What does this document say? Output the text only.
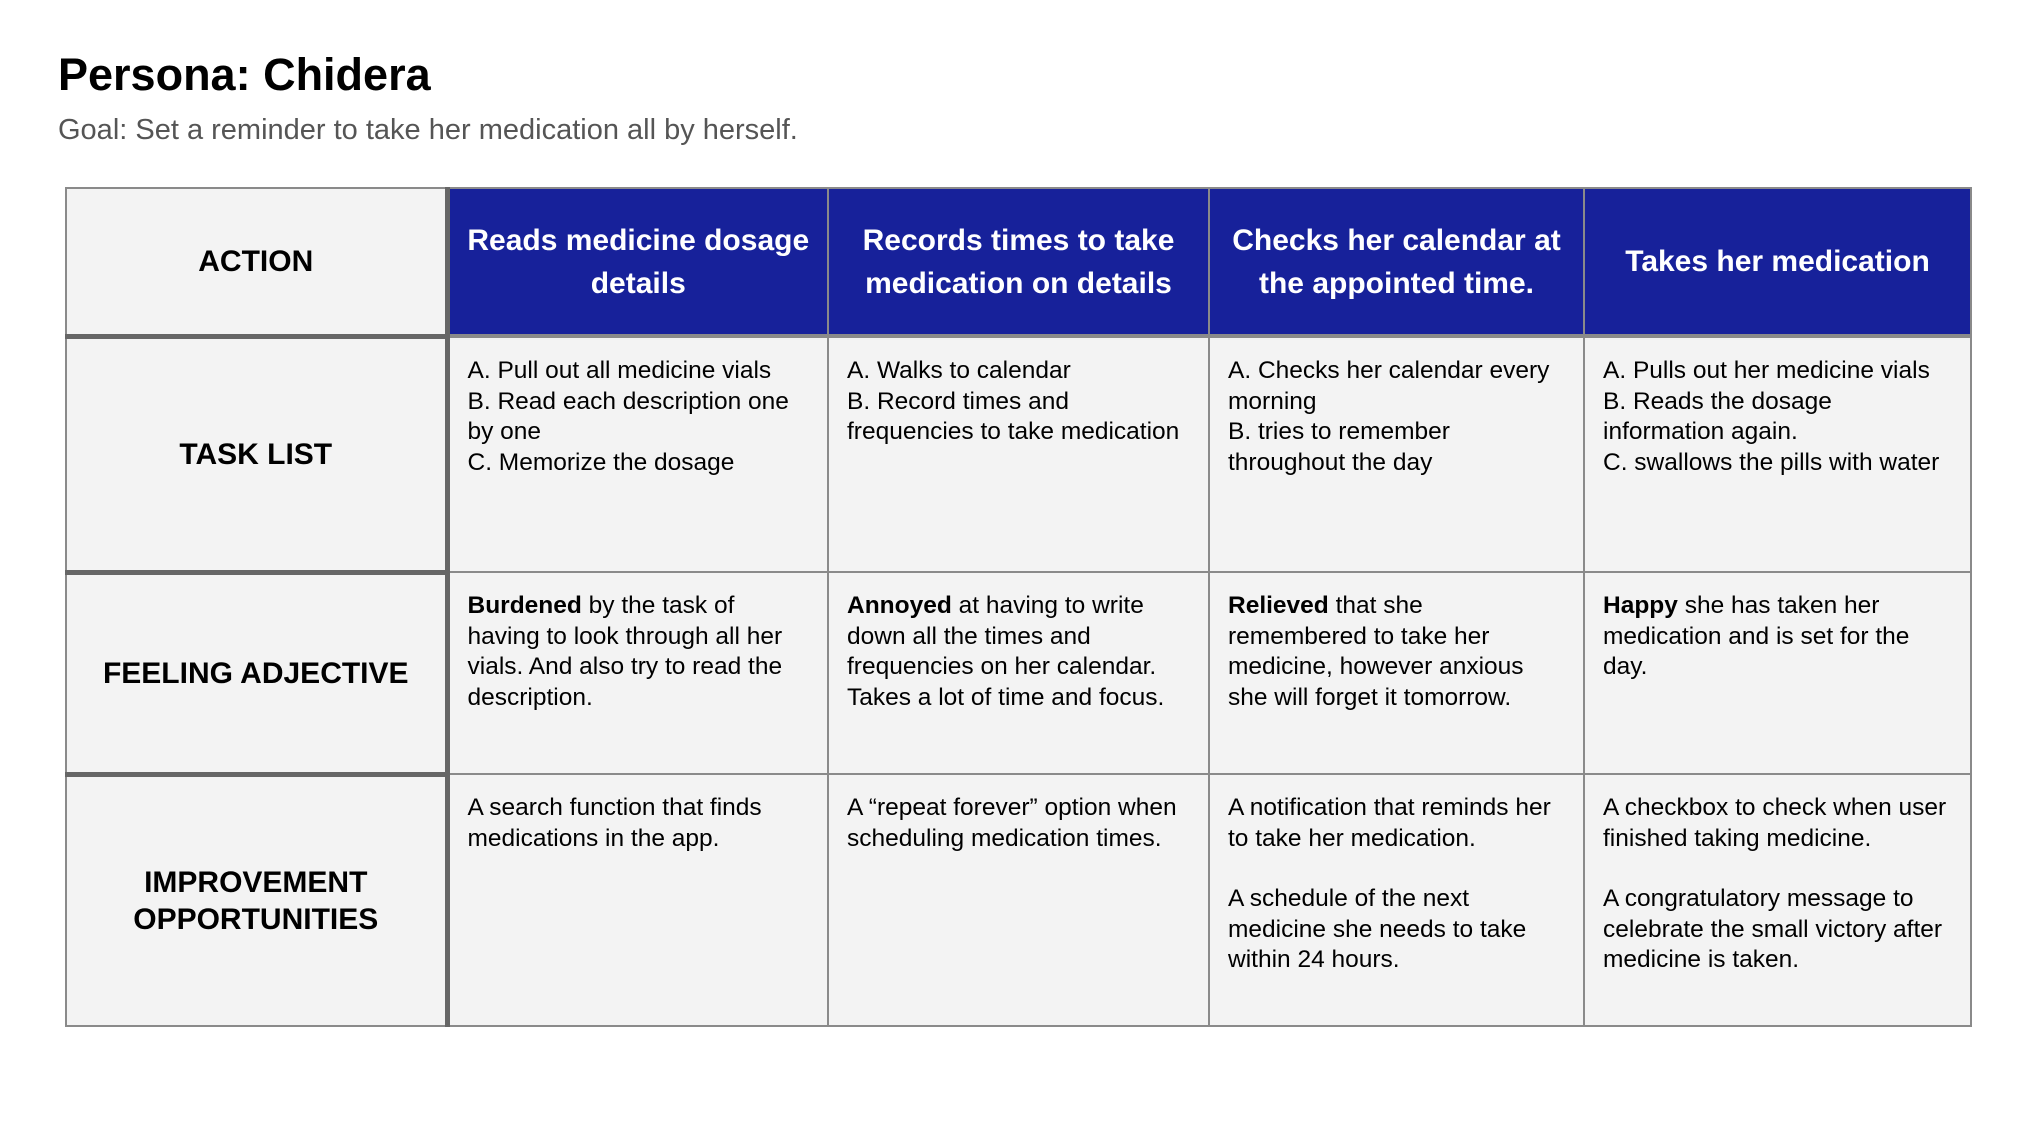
Persona: Chidera

Goal: Set a reminder to take her medication all by herself.

ACTION	Reads medicine dosage details	Records times to take medication on details	Checks her calendar at the appointed time.	Takes her medication
TASK LIST	A. Pull out all medicine vials
B. Read each description one by one
C. Memorize the dosage	A. Walks to calendar
B. Record times and frequencies to take medication	A. Checks her calendar every morning
B. tries to remember throughout the day	A. Pulls out her medicine vials
B. Reads the dosage information again.
C. swallows the pills with water

FEELING ADJECTIVE	Burdened by the task of having to look through all her vials. And also try to read the description.	Annoyed at having to write down all the times and frequencies on her calendar. Takes a lot of time and focus.	Relieved that she remembered to take her medicine, however anxious she will forget it tomorrow.	Happy she has taken her medication and is set for the day.

IMPROVEMENT
OPPORTUNITIES	A search function that finds medications in the app.	A “repeat forever” option when scheduling medication times.	A notification that reminds her to take her medication.
A schedule of the next medicine she needs to take within 24 hours.	A checkbox to check when user finished taking medicine.
A congratulatory message to celebrate the small victory after medicine is taken.
